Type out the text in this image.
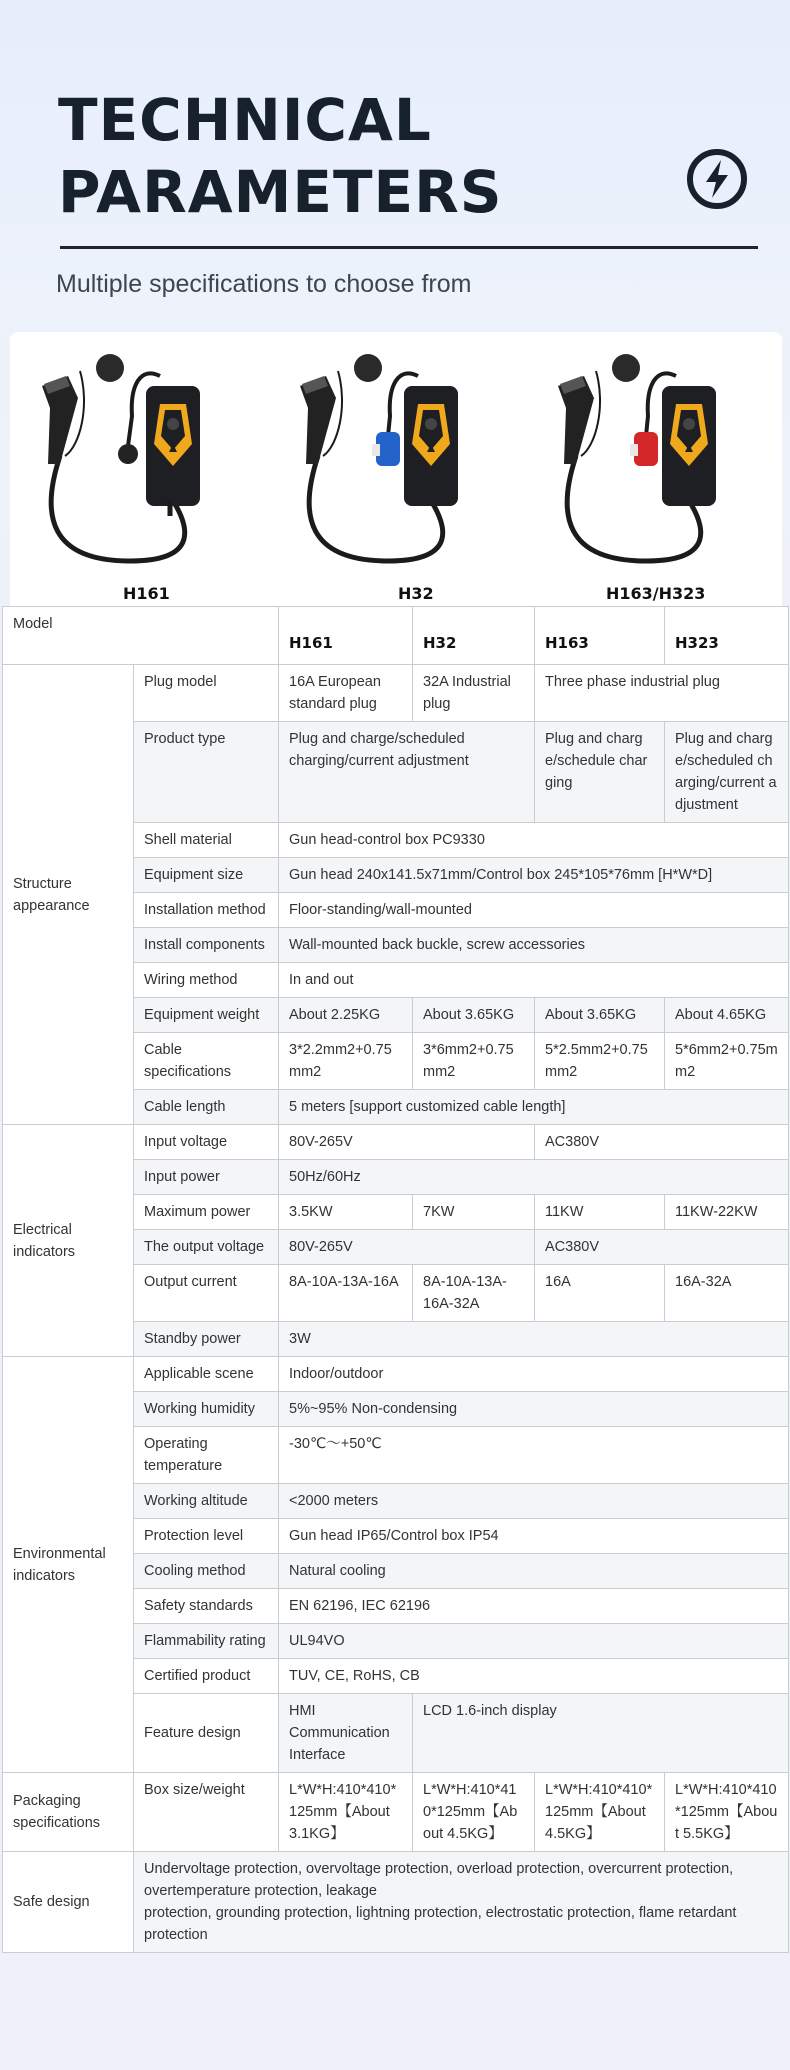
TECHNICAL
PARAMETERS
Multiple specifications to choose from
H161	H32	H163/H323
Model		H161	H32	H163	H323
Structure appearance	Plug model	16A European standard plug	32A Industrial plug	Three phase industrial plug	
	Product type	Plug and charge/scheduled charging/current adjustment		Plug and charge/schedule charging	Plug and charge/scheduled charging/current adjustment
	Shell material	Gun head-control box PC9330			
	Equipment size	Gun head 240x141.5x71mm/Control box 245*105*76mm [H*W*D]			
	Installation method	Floor-standing/wall-mounted			
	Install components	Wall-mounted back buckle, screw accessories			
	Wiring method	In and out			
	Equipment weight	About 2.25KG	About 3.65KG	About 3.65KG	About 4.65KG
	Cable specifications	3*2.2mm2+0.75mm2	3*6mm2+0.75mm2	5*2.5mm2+0.75mm2	5*6mm2+0.75mm2
	Cable length	5 meters [support customized cable length]			
Electrical indicators	Input voltage	80V-265V		AC380V	
	Input power	50Hz/60Hz			
	Maximum power	3.5KW	7KW	11KW	11KW-22KW
	The output voltage	80V-265V		AC380V	
	Output current	8A-10A-13A-16A	8A-10A-13A-16A-32A	16A	16A-32A
	Standby power	3W			
Environmental indicators	Applicable scene	Indoor/outdoor			
	Working humidity	5%~95% Non-condensing			
	Operating temperature	-30℃～+50℃			
	Working altitude	<2000 meters			
	Protection level	Gun head IP65/Control box IP54			
	Cooling method	Natural cooling			
	Safety standards	EN 62196, IEC 62196			
	Flammability rating	UL94VO			
	Certified product	TUV, CE, RoHS, CB			
	Feature design	HMI Communication Interface	LCD 1.6-inch display		
Packaging specifications	Box size/weight	L*W*H:410*410*125mm【About 3.1KG】	L*W*H:410*410*125mm【About 4.5KG】	L*W*H:410*410*125mm【About 4.5KG】	L*W*H:410*410*125mm【About 5.5KG】
Safe design	Undervoltage protection, overvoltage protection, overload protection, overcurrent protection, overtemperature protection, leakage
protection, grounding protection, lightning protection, electrostatic protection, flame retardant protection				
